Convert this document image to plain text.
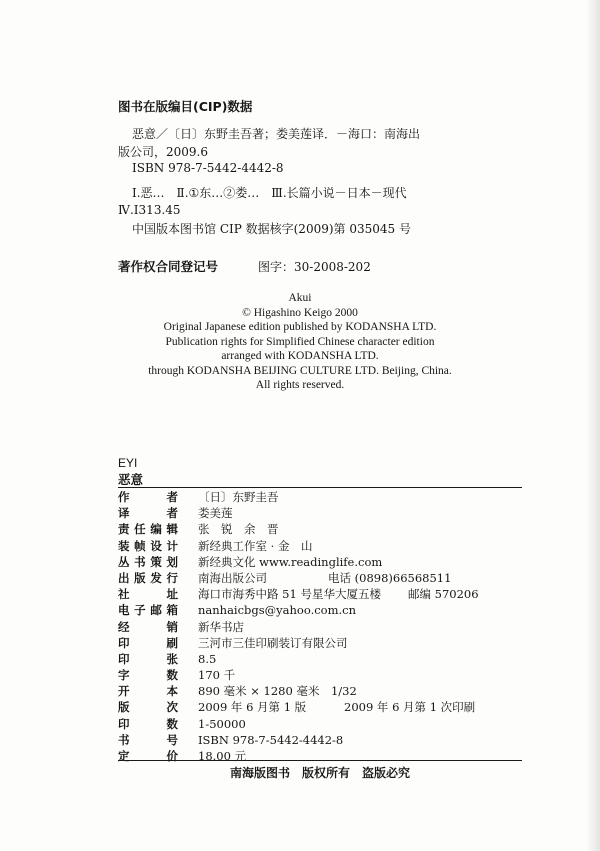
图书在版编目(CIP)数据
恶意／〔日〕东野圭吾著；娄美莲译．－海口：南海出
版公司，2009.6
ISBN 978-7-5442-4442-8
Ⅰ.恶…　Ⅱ.①东…②娄…　Ⅲ.长篇小说－日本－现代
Ⅳ.I313.45
中国版本图书馆 CIP 数据核字(2009)第 035045 号
著作权合同登记号	图字：30-2008-202
Akui
© Higashino Keigo 2000
Original Japanese edition published by KODANSHA LTD.
Publication rights for Simplified Chinese character edition
arranged with KODANSHA LTD.
through KODANSHA BEIJING CULTURE LTD. Beijing, China.
All rights reserved.
EYI
恶意
作者 〔日〕东野圭吾
译者 娄美莲
责任编辑 张　锐　余　晋
装帧设计 新经典工作室 · 金　山
丛书策划 新经典文化 www.readinglife.com
出版发行 南海出版公司	电话 (0898)66568511
社址 海口市海秀中路 51 号星华大厦五楼 邮编 570206
电子邮箱 nanhaicbgs@yahoo.com.cn
经销 新华书店
印刷 三河市三佳印刷装订有限公司
印张 8.5
字数 170 千
开本 890 毫米 × 1280 毫米　1/32
版次 2009 年 6 月第 1 版	2009 年 6 月第 1 次印刷
印数 1-50000
书号 ISBN 978-7-5442-4442-8
定价 18.00 元
南海版图书　版权所有　盗版必究
